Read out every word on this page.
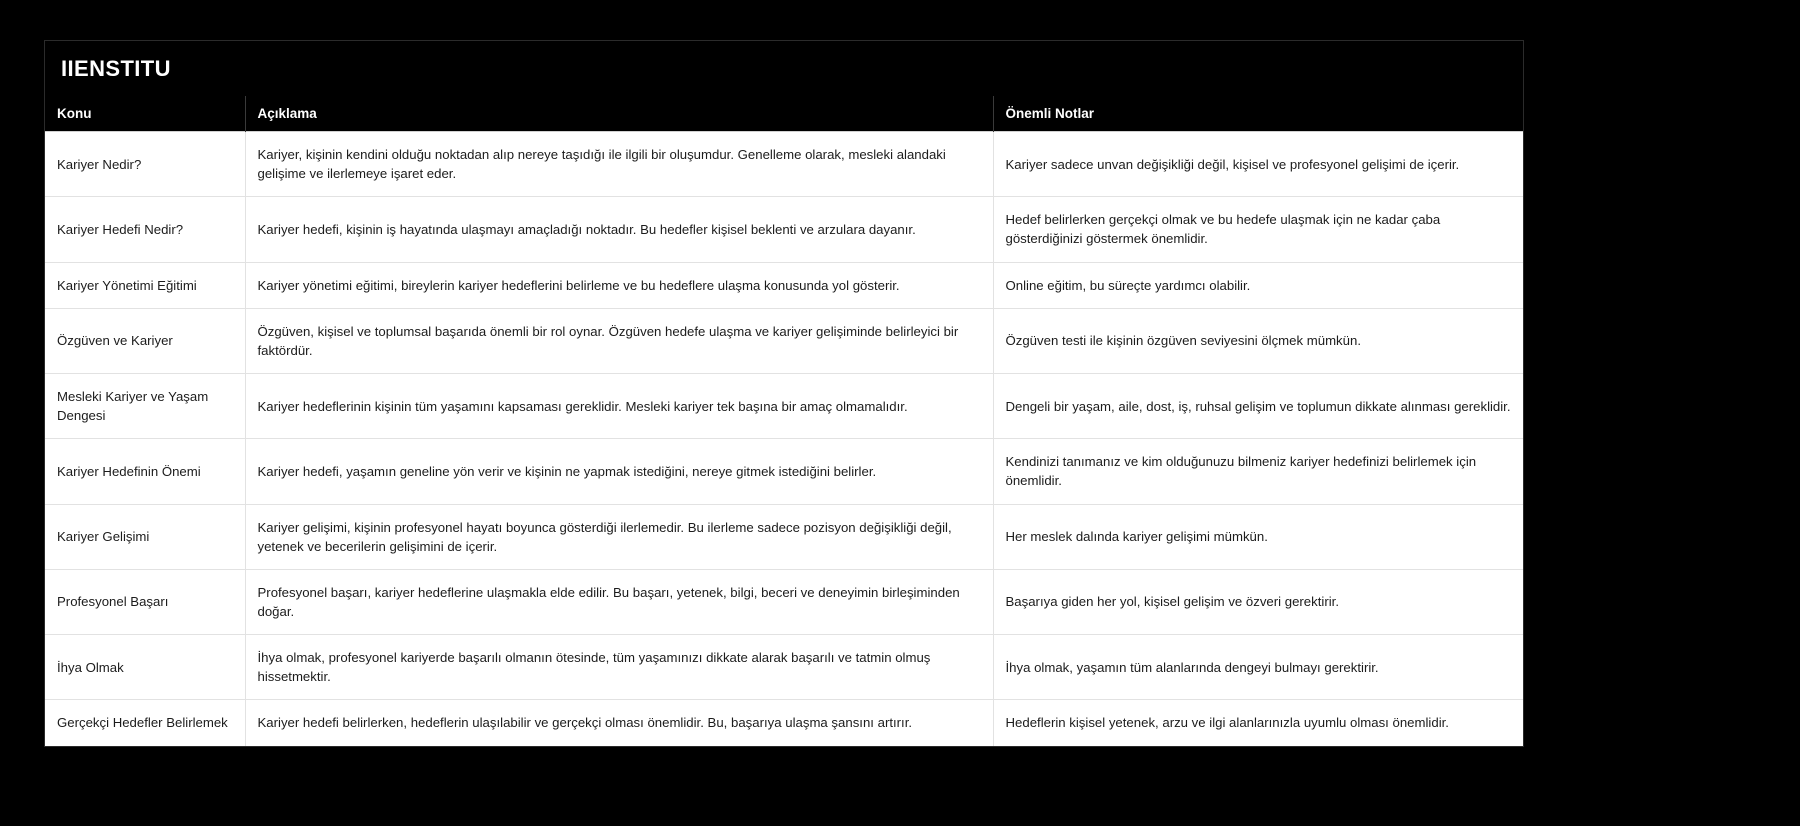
IIENSTITU
Konu	Açıklama	Önemli Notlar
Kariyer Nedir?	Kariyer, kişinin kendini olduğu noktadan alıp nereye taşıdığı ile ilgili bir oluşumdur. Genelleme olarak, mesleki alandaki gelişime ve ilerlemeye işaret eder.	Kariyer sadece unvan değişikliği değil, kişisel ve profesyonel gelişimi de içerir.
Kariyer Hedefi Nedir?	Kariyer hedefi, kişinin iş hayatında ulaşmayı amaçladığı noktadır. Bu hedefler kişisel beklenti ve arzulara dayanır.	Hedef belirlerken gerçekçi olmak ve bu hedefe ulaşmak için ne kadar çaba gösterdiğinizi göstermek önemlidir.
Kariyer Yönetimi Eğitimi	Kariyer yönetimi eğitimi, bireylerin kariyer hedeflerini belirleme ve bu hedeflere ulaşma konusunda yol gösterir.	Online eğitim, bu süreçte yardımcı olabilir.
Özgüven ve Kariyer	Özgüven, kişisel ve toplumsal başarıda önemli bir rol oynar. Özgüven hedefe ulaşma ve kariyer gelişiminde belirleyici bir faktördür.	Özgüven testi ile kişinin özgüven seviyesini ölçmek mümkün.
Mesleki Kariyer ve Yaşam Dengesi	Kariyer hedeflerinin kişinin tüm yaşamını kapsaması gereklidir. Mesleki kariyer tek başına bir amaç olmamalıdır.	Dengeli bir yaşam, aile, dost, iş, ruhsal gelişim ve toplumun dikkate alınması gereklidir.
Kariyer Hedefinin Önemi	Kariyer hedefi, yaşamın geneline yön verir ve kişinin ne yapmak istediğini, nereye gitmek istediğini belirler.	Kendinizi tanımanız ve kim olduğunuzu bilmeniz kariyer hedefinizi belirlemek için önemlidir.
Kariyer Gelişimi	Kariyer gelişimi, kişinin profesyonel hayatı boyunca gösterdiği ilerlemedir. Bu ilerleme sadece pozisyon değişikliği değil, yetenek ve becerilerin gelişimini de içerir.	Her meslek dalında kariyer gelişimi mümkün.
Profesyonel Başarı	Profesyonel başarı, kariyer hedeflerine ulaşmakla elde edilir. Bu başarı, yetenek, bilgi, beceri ve deneyimin birleşiminden doğar.	Başarıya giden her yol, kişisel gelişim ve özveri gerektirir.
İhya Olmak	İhya olmak, profesyonel kariyerde başarılı olmanın ötesinde, tüm yaşamınızı dikkate alarak başarılı ve tatmin olmuş hissetmektir.	İhya olmak, yaşamın tüm alanlarında dengeyi bulmayı gerektirir.
Gerçekçi Hedefler Belirlemek	Kariyer hedefi belirlerken, hedeflerin ulaşılabilir ve gerçekçi olması önemlidir. Bu, başarıya ulaşma şansını artırır.	Hedeflerin kişisel yetenek, arzu ve ilgi alanlarınızla uyumlu olması önemlidir.
